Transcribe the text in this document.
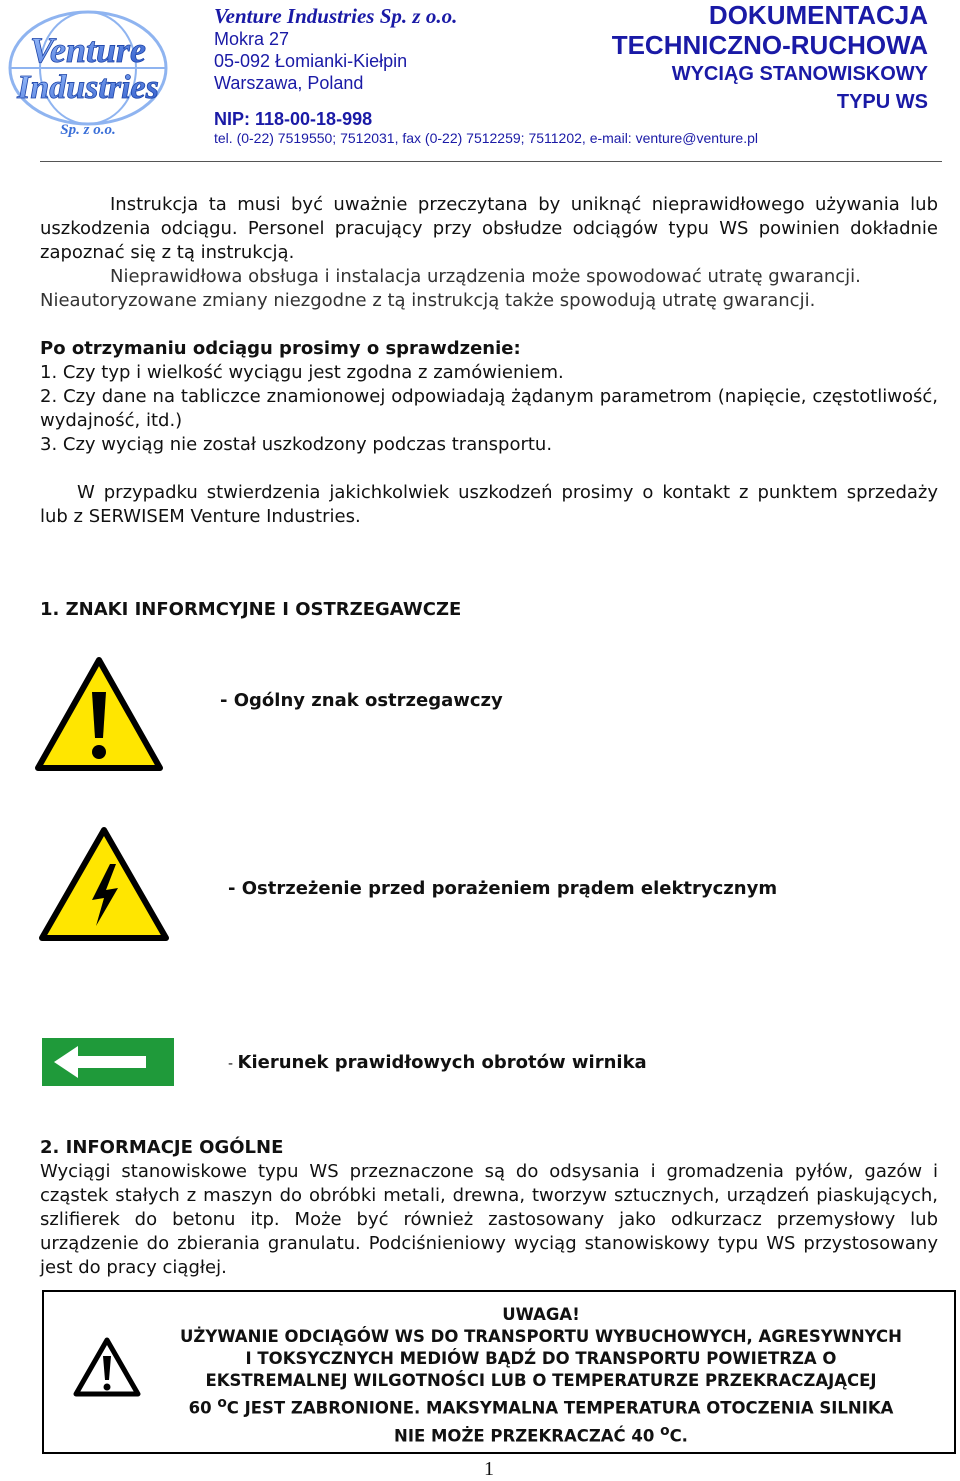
Venture
Industries
Sp. z o.o.
Venture Industries Sp. z o.o.
Mokra 27
05-092 Łomianki-Kiełpin
Warszawa, Poland
NIP: 118-00-18-998
tel. (0-22) 7519550; 7512031, fax (0-22) 7512259; 7511202, e-mail: venture@venture.pl
DOKUMENTACJA
TECHNICZNO-RUCHOWA
WYCIĄG STANOWISKOWY
TYPU WS
Instrukcja ta musi być uważnie przeczytana by uniknąć nieprawidłowego używania lub uszkodzenia odciągu. Personel pracujący przy obsłudze odciągów typu WS powinien dokładnie zapoznać się z tą instrukcją.
Nieprawidłowa obsługa i instalacja urządzenia może spowodować utratę gwarancji.
Nieautoryzowane zmiany niezgodne z tą instrukcją także spowodują utratę gwarancji.
Po otrzymaniu odciągu prosimy o sprawdzenie:
1. Czy typ i wielkość wyciągu jest zgodna z zamówieniem.
2. Czy dane na tabliczce znamionowej odpowiadają żądanym parametrom (napięcie, częstotliwość, wydajność, itd.)
3. Czy wyciąg nie został uszkodzony podczas transportu.
W przypadku stwierdzenia jakichkolwiek uszkodzeń prosimy o kontakt z punktem sprzedaży lub z SERWISEM Venture Industries.
1. ZNAKI INFORMCYJNE I OSTRZEGAWCZE
- Ogólny znak ostrzegawczy
- Ostrzeżenie przed porażeniem prądem elektrycznym
- Kierunek prawidłowych obrotów wirnika
2. INFORMACJE OGÓLNE
Wyciągi stanowiskowe typu WS przeznaczone są do odsysania i gromadzenia pyłów, gazów i cząstek stałych z maszyn do obróbki metali, drewna, tworzyw sztucznych, urządzeń piaskujących, szlifierek do betonu itp. Może być również zastosowany jako odkurzacz przemysłowy lub urządzenie do zbierania granulatu. Podciśnieniowy wyciąg stanowiskowy typu WS przystosowany jest do pracy ciągłej.
UWAGA!
UŻYWANIE ODCIĄGÓW WS DO TRANSPORTU WYBUCHOWYCH, AGRESYWNYCH
I TOKSYCZNYCH MEDIÓW BĄDŹ DO TRANSPORTU POWIETRZA O
EKSTREMALNEJ WILGOTNOŚCI LUB O TEMPERATURZE PRZEKRACZAJĄCEJ
60 $^o$C JEST ZABRONIONE. MAKSYMALNA TEMPERATURA OTOCZENIA SILNIKA
NIE MOŻE PRZEKRACZAĆ 40 $^o$C.
1
